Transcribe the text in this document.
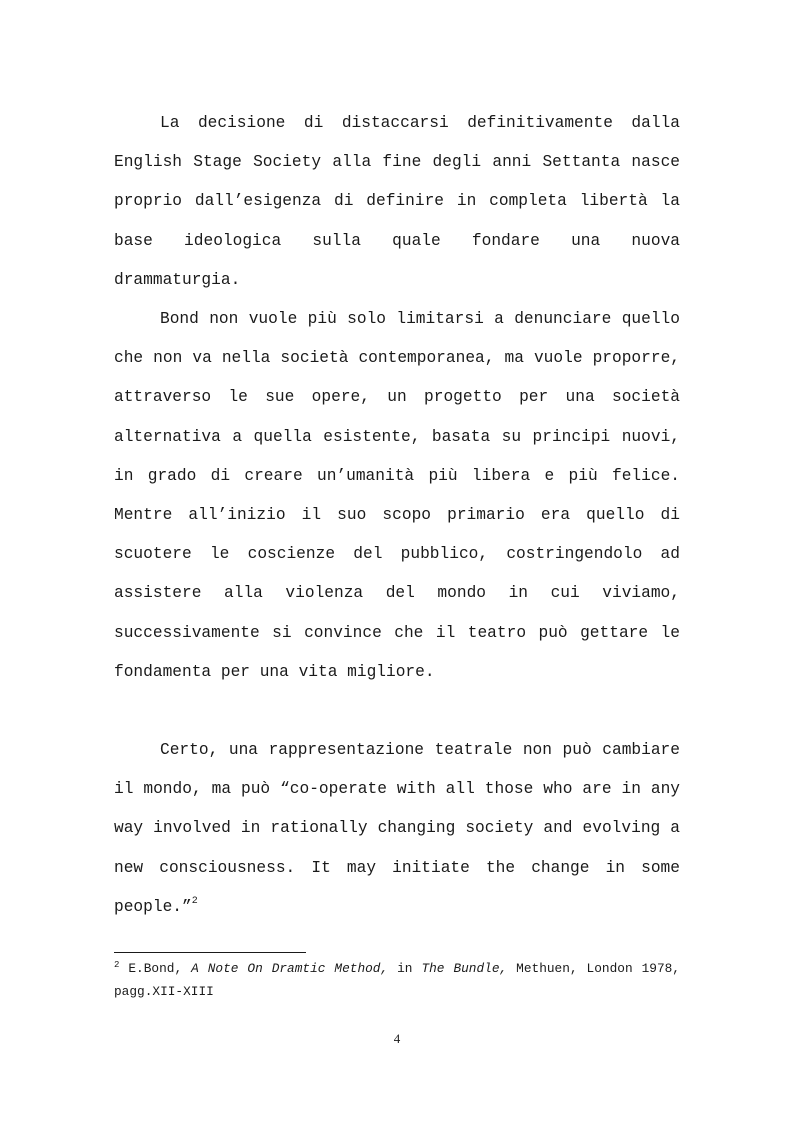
La decisione di distaccarsi definitivamente dalla English Stage Society alla fine degli anni Settanta nasce proprio dall’esigenza di definire in completa libertà la base ideologica sulla quale fondare una nuova drammaturgia.

Bond non vuole più solo limitarsi a denunciare quello che non va nella società contemporanea, ma vuole proporre, attraverso le sue opere, un progetto per una società alternativa a quella esistente, basata su principi nuovi, in grado di creare un’umanità più libera e più felice. Mentre all’inizio il suo scopo primario era quello di scuotere le coscienze del pubblico, costringendolo ad assistere alla violenza del mondo in cui viviamo, successivamente si convince che il teatro può gettare le fondamenta per una vita migliore.

Certo, una rappresentazione teatrale non può cambiare il mondo, ma può “co-operate with all those who are in any way involved in rationally changing society and evolving a new consciousness. It may initiate the change in some people.”$^2$

$^2$ E.Bond, A Note On Dramtic Method, in The Bundle, Methuen, London 1978, pagg.XII-XIII

4
